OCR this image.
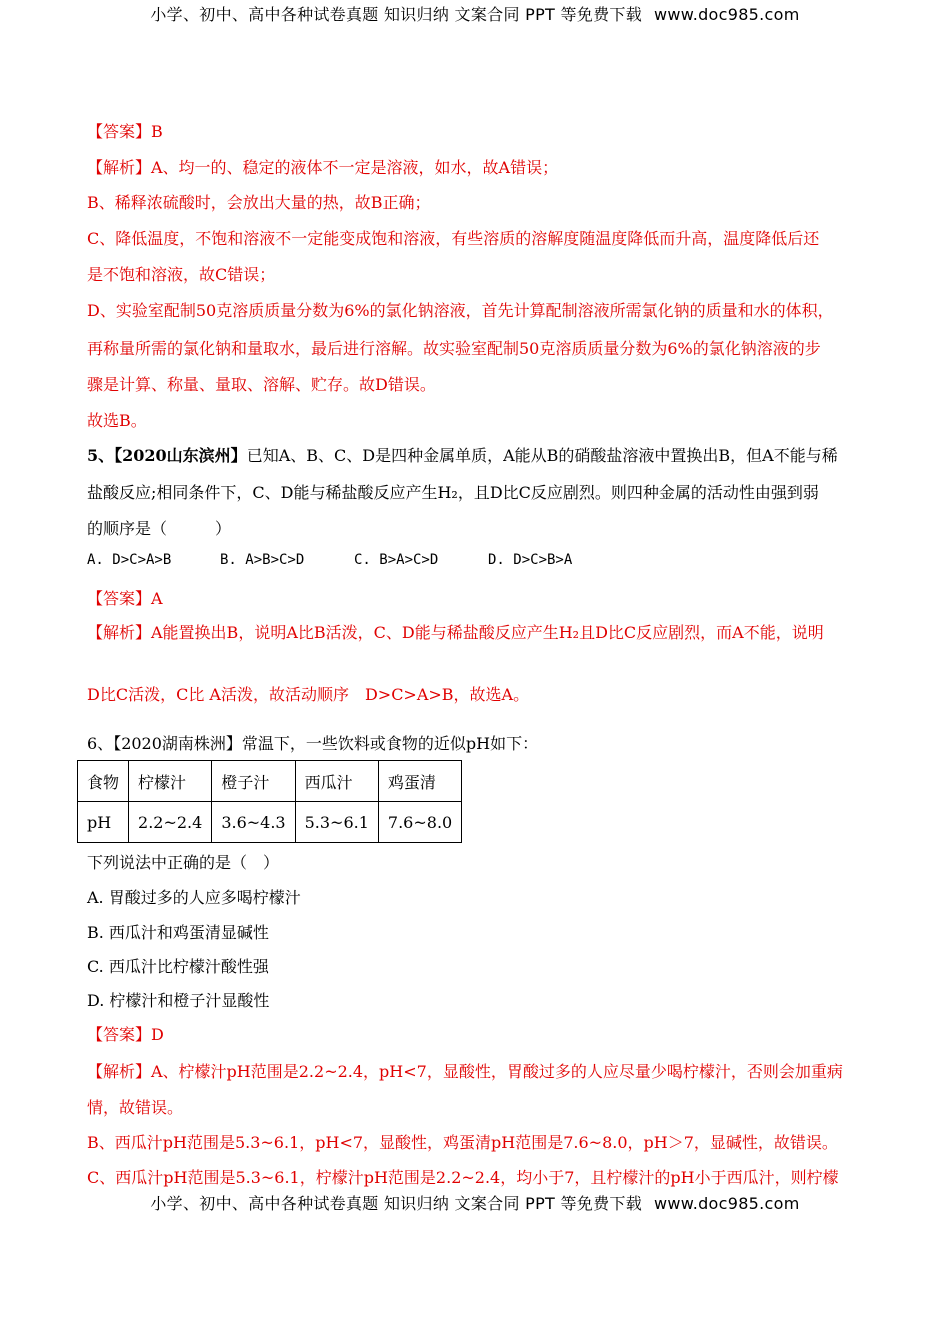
小学、初中、高中各种试卷真题 知识归纳 文案合同 PPT 等免费下载 www.doc985.com
【答案】B
【解析】A、均一的、稳定的液体不一定是溶液，如水，故A错误；
B、稀释浓硫酸时，会放出大量的热，故B正确；
C、降低温度，不饱和溶液不一定能变成饱和溶液，有些溶质的溶解度随温度降低而升高，温度降低后还
是不饱和溶液，故C错误；
D、实验室配制50克溶质质量分数为6%的氯化钠溶液，首先计算配制溶液所需氯化钠的质量和水的体积，
再称量所需的氯化钠和量取水，最后进行溶解。故实验室配制50克溶质质量分数为6%的氯化钠溶液的步
骤是计算、称量、量取、溶解、贮存。故D错误。
故选B。
5、【2020山东滨州】已知A、B、C、D是四种金属单质，A能从B的硝酸盐溶液中置换出B，但A不能与稀
盐酸反应;相同条件下，C、D能与稀盐酸反应产生H₂，且D比C反应剧烈。则四种金属的活动性由强到弱
的顺序是（　　　）
A. D>C>A>B	B. A>B>C>D	C. B>A>C>D	D. D>C>B>A
【答案】A
【解析】A能置换出B，说明A比B活泼，C、D能与稀盐酸反应产生H₂且D比C反应剧烈，而A不能，说明
D比C活泼，C比 A活泼，故活动顺序　D>C>A>B，故选A。
6、【2020湖南株洲】常温下，一些饮料或食物的近似pH如下：
食物	柠檬汁	橙子汁	西瓜汁	鸡蛋清
pH	2.2~2.4	3.6~4.3	5.3~6.1	7.6~8.0
下列说法中正确的是（　）
A. 胃酸过多的人应多喝柠檬汁
B. 西瓜汁和鸡蛋清显碱性
C. 西瓜汁比柠檬汁酸性强
D. 柠檬汁和橙子汁显酸性
【答案】D
【解析】A、柠檬汁pH范围是2.2~2.4，pH<7，显酸性，胃酸过多的人应尽量少喝柠檬汁，否则会加重病
情，故错误。
B、西瓜汁pH范围是5.3~6.1，pH<7，显酸性，鸡蛋清pH范围是7.6~8.0，pH＞7，显碱性，故错误。
C、西瓜汁pH范围是5.3~6.1，柠檬汁pH范围是2.2~2.4，均小于7，且柠檬汁的pH小于西瓜汁，则柠檬
小学、初中、高中各种试卷真题 知识归纳 文案合同 PPT 等免费下载 www.doc985.com
